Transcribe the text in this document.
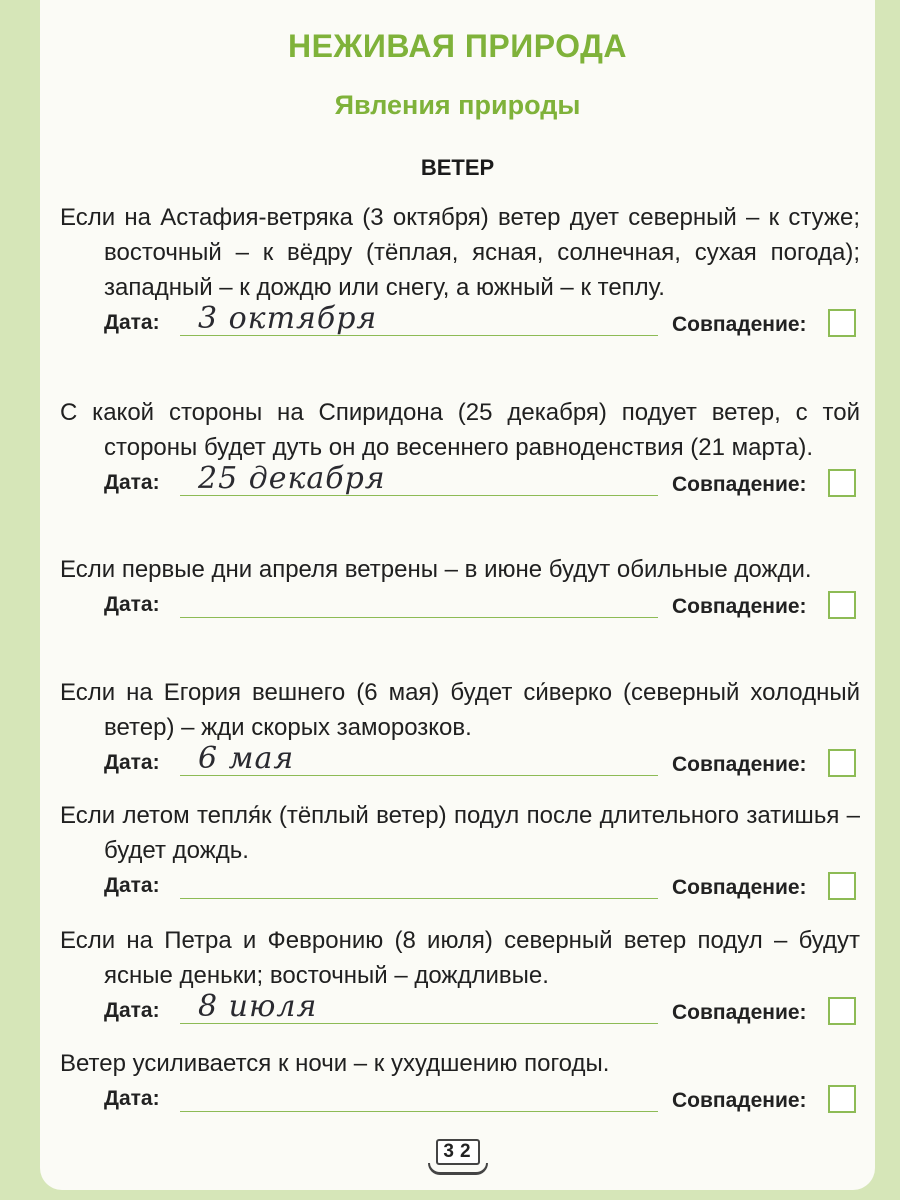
НЕЖИВАЯ ПРИРОДА
Явления природы
ВЕТЕР
Если на Астафия-ветряка (3 октября) ветер дует северный – к стуже; восточный – к вёдру (тёплая, ясная, солнечная, сухая погода); западный – к дождю или снегу, а южный – к теплу.
Дата: 3 октября	Совпадение:
С какой стороны на Спиридона (25 декабря) подует ветер, с той стороны будет дуть он до весеннего равноденствия (21 марта).
Дата: 25 декабря	Совпадение:
Если первые дни апреля ветрены – в июне будут обильные дожди.
Дата:	Совпадение:
Если на Егория вешнего (6 мая) будет си́верко (северный холодный ветер) – жди скорых заморозков.
Дата: 6 мая	Совпадение:
Если летом тепля́к (тёплый ветер) подул после длительного затишья – будет дождь.
Дата:	Совпадение:
Если на Петра и Февронию (8 июля) северный ветер подул – будут ясные деньки; восточный – дождливые.
Дата: 8 июля	Совпадение:
Ветер усиливается к ночи – к ухудшению погоды.
Дата:	Совпадение:
32
